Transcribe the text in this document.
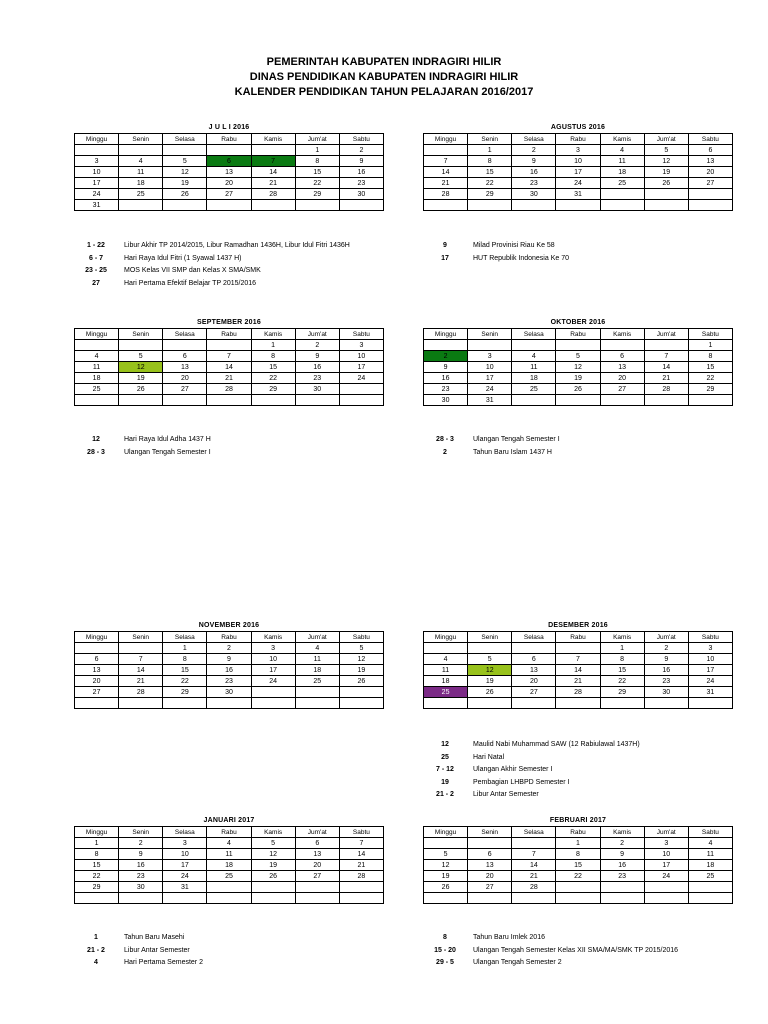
PEMERINTAH KABUPATEN INDRAGIRI HILIR
DINAS PENDIDIKAN KABUPATEN INDRAGIRI HILIR
KALENDER PENDIDIKAN TAHUN PELAJARAN 2016/2017
J U L I 2016
Minggu	Senin	Selasa	Rabu	Kamis	Jum'at	Sabtu
					1	2
3	4	5	6	7	8	9
10	11	12	13	14	15	16
17	18	19	20	21	22	23
24	25	26	27	28	29	30
31						
AGUSTUS 2016
Minggu	Senin	Selasa	Rabu	Kamis	Jum'at	Sabtu
	1	2	3	4	5	6
7	8	9	10	11	12	13
14	15	16	17	18	19	20
21	22	23	24	25	26	27
28	29	30	31			

SEPTEMBER 2016
Minggu	Senin	Selasa	Rabu	Kamis	Jum'at	Sabtu
				1	2	3
4	5	6	7	8	9	10
11	12	13	14	15	16	17
18	19	20	21	22	23	24
25	26	27	28	29	30	

OKTOBER 2016
Minggu	Senin	Selasa	Rabu	Kamis	Jum'at	Sabtu
						1
2	3	4	5	6	7	8
9	10	11	12	13	14	15
16	17	18	19	20	21	22
23	24	25	26	27	28	29
30	31					
NOVEMBER 2016
Minggu	Senin	Selasa	Rabu	Kamis	Jum'at	Sabtu
		1	2	3	4	5
6	7	8	9	10	11	12
13	14	15	16	17	18	19
20	21	22	23	24	25	26
27	28	29	30			

DESEMBER 2016
Minggu	Senin	Selasa	Rabu	Kamis	Jum'at	Sabtu
				1	2	3
4	5	6	7	8	9	10
11	12	13	14	15	16	17
18	19	20	21	22	23	24
25	26	27	28	29	30	31

JANUARI 2017
Minggu	Senin	Selasa	Rabu	Kamis	Jum'at	Sabtu
1	2	3	4	5	6	7
8	9	10	11	12	13	14
15	16	17	18	19	20	21
22	23	24	25	26	27	28
29	30	31				

FEBRUARI 2017
Minggu	Senin	Selasa	Rabu	Kamis	Jum'at	Sabtu
			1	2	3	4
5	6	7	8	9	10	11
12	13	14	15	16	17	18
19	20	21	22	23	24	25
26	27	28				

1 - 22	Libur Akhir TP 2014/2015, Libur Ramadhan 1436H, Libur Idul Fitri 1436H
6 - 7	Hari Raya Idul Fitri (1 Syawal 1437 H)
23 - 25	MOS Kelas VII SMP dan Kelas X SMA/SMK
27	Hari Pertama Efektif Belajar TP 2015/2016
9	Milad Provinisi Riau Ke 58
17	HUT Republik Indonesia Ke 70
12	Hari Raya Idul Adha 1437 H
28 - 3	Ulangan Tengah Semester I
28 - 3	Ulangan Tengah Semester I
2	Tahun Baru Islam 1437 H
12	Maulid Nabi Muhammad SAW (12 Rabiulawal 1437H)
25	Hari Natal
7 - 12	Ulangan Akhir Semester I
19	Pembagian LHBPD Semester I
21 - 2	Libur Antar Semester
1	Tahun Baru Masehi
21 - 2	Libur Antar Semester
4	Hari Pertama Semester 2
8	Tahun Baru Imlek 2016
15 - 20	Ulangan Tengah Semester Kelas XII SMA/MA/SMK TP 2015/2016
29 - 5	Ulangan Tengah Semester 2
